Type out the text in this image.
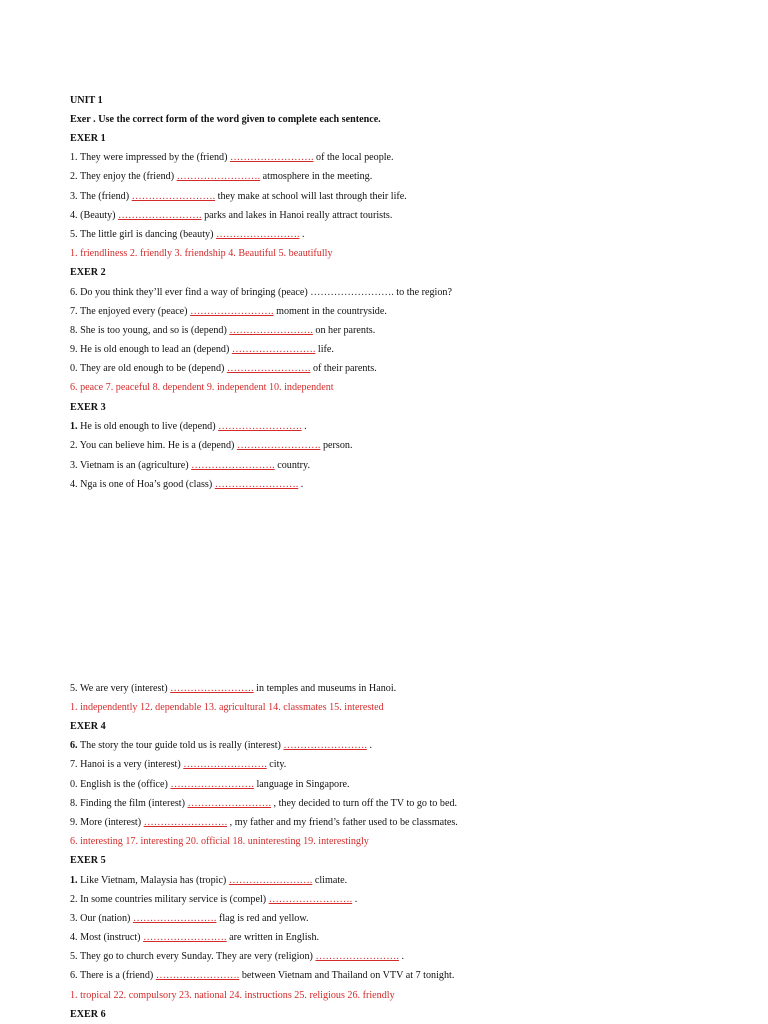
UNIT 1
Exer . Use the correct form of the word given to complete each sentence.
EXER 1
1. They were impressed by the (friend) ……………………. of the local people.
2. They enjoy the (friend) ……………………. atmosphere in the meeting.
3. The (friend) ……………………. they make at school will last through their life.
4. (Beauty) ……………………. parks and lakes in Hanoi really attract tourists.
5. The little girl is dancing (beauty) ……………………. .
1. friendliness 2. friendly 3. friendship 4. Beautiful 5. beautifully
EXER 2
6. Do you think they’ll ever find a way of bringing (peace) ……………………. to the region?
7. The enjoyed every (peace) ……………………. moment in the countryside.
8. She is too young, and so is (depend) ……………………. on her parents.
9. He is old enough to lead an (depend) ……………………. life.
0. They are old enough to be (depend) ……………………. of their parents.
6. peace 7. peaceful 8. dependent 9. independent 10. independent
EXER 3
1. He is old enough to live (depend) ……………………. .
2. You can believe him. He is a (depend) ……………………. person.
3. Vietnam is an (agriculture) ……………………. country.
4. Nga is one of Hoa’s good (class) ……………………. .
5. We are very (interest) ……………………. in temples and museums in Hanoi.
1. independently 12. dependable 13. agricultural 14. classmates 15. interested
EXER 4
6. The story the tour guide told us is really (interest) ……………………. .
7. Hanoi is a very (interest) ……………………. city.
0. English is the (office) ……………………. language in Singapore.
8. Finding the film (interest) ……………………. , they decided to turn off the TV to go to bed.
9. More (interest) ……………………. , my father and my friend’s father used to be classmates.
6. interesting 17. interesting 20. official 18. uninteresting 19. interestingly
EXER 5
1. Like Vietnam, Malaysia has (tropic) ……………………. climate.
2. In some countries military service is (compel) ……………………. .
3. Our (nation) ……………………. flag is red and yellow.
4. Most (instruct) ……………………. are written in English.
5. They go to church every Sunday. They are very (religion) ……………………. .
6. There is a (friend) ……………………. between Vietnam and Thailand on VTV at 7 tonight.
1. tropical 22. compulsory 23. national 24. instructions 25. religious 26. friendly
EXER 6
